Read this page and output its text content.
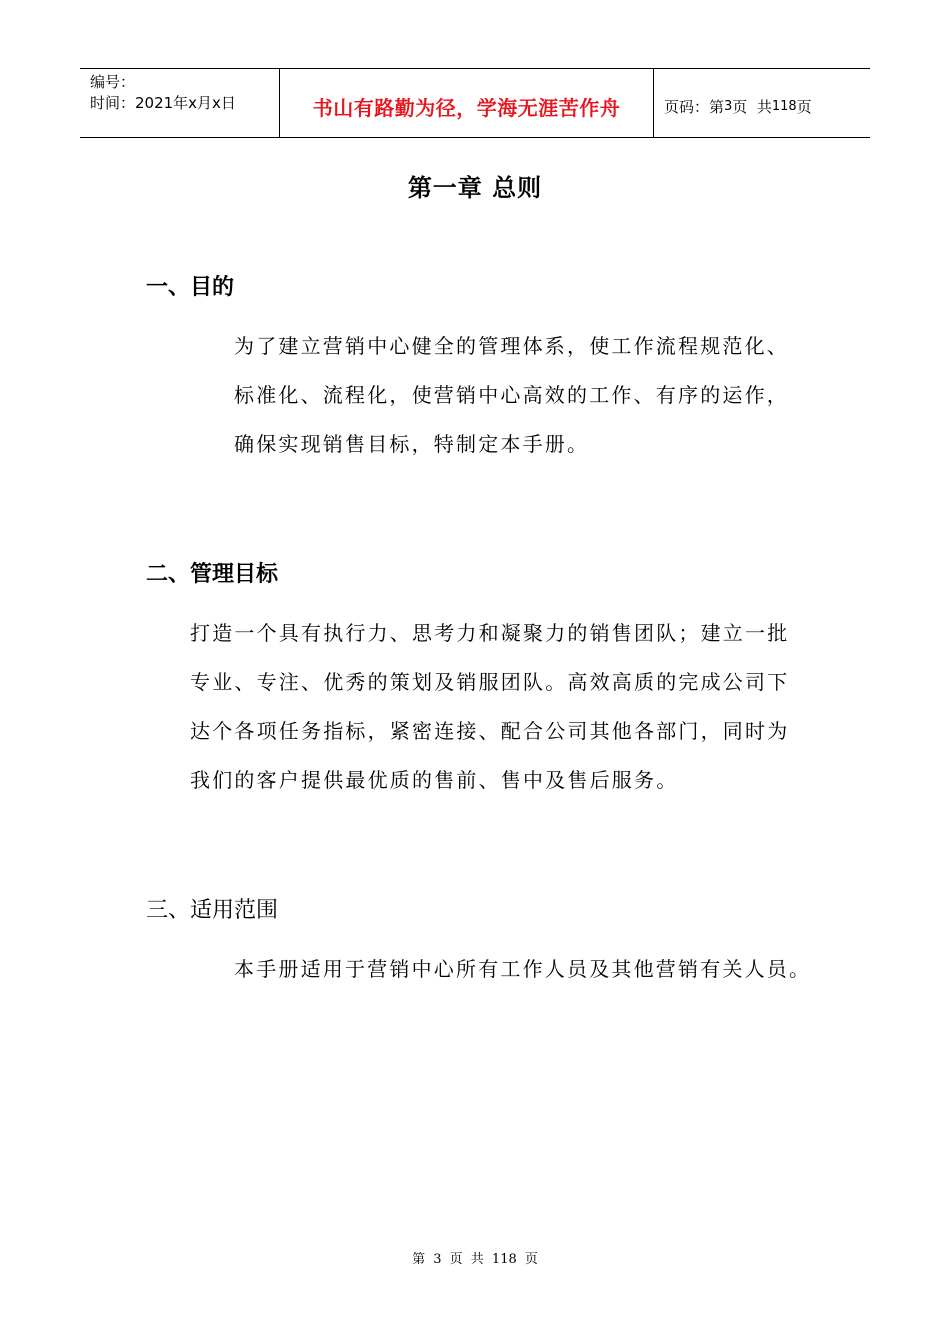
编号：
时间：2021年x月x日	书山有路勤为径，学海无涯苦作舟	页码：第 3 页  共 118 页
第一章 总则
一、目的
为了建立营销中心健全的管理体系，使工作流程规范化、
标准化、流程化，使营销中心高效的工作、有序的运作，
确保实现销售目标，特制定本手册。
二、管理目标
打造一个具有执行力、思考力和凝聚力的销售团队；建立一批
专业、专注、优秀的策划及销服团队。高效高质的完成公司下
达个各项任务指标，紧密连接、配合公司其他各部门，同时为
我们的客户提供最优质的售前、售中及售后服务。
三、适用范围
本手册适用于营销中心所有工作人员及其他营销有关人员。
第 3 页 共 118 页
